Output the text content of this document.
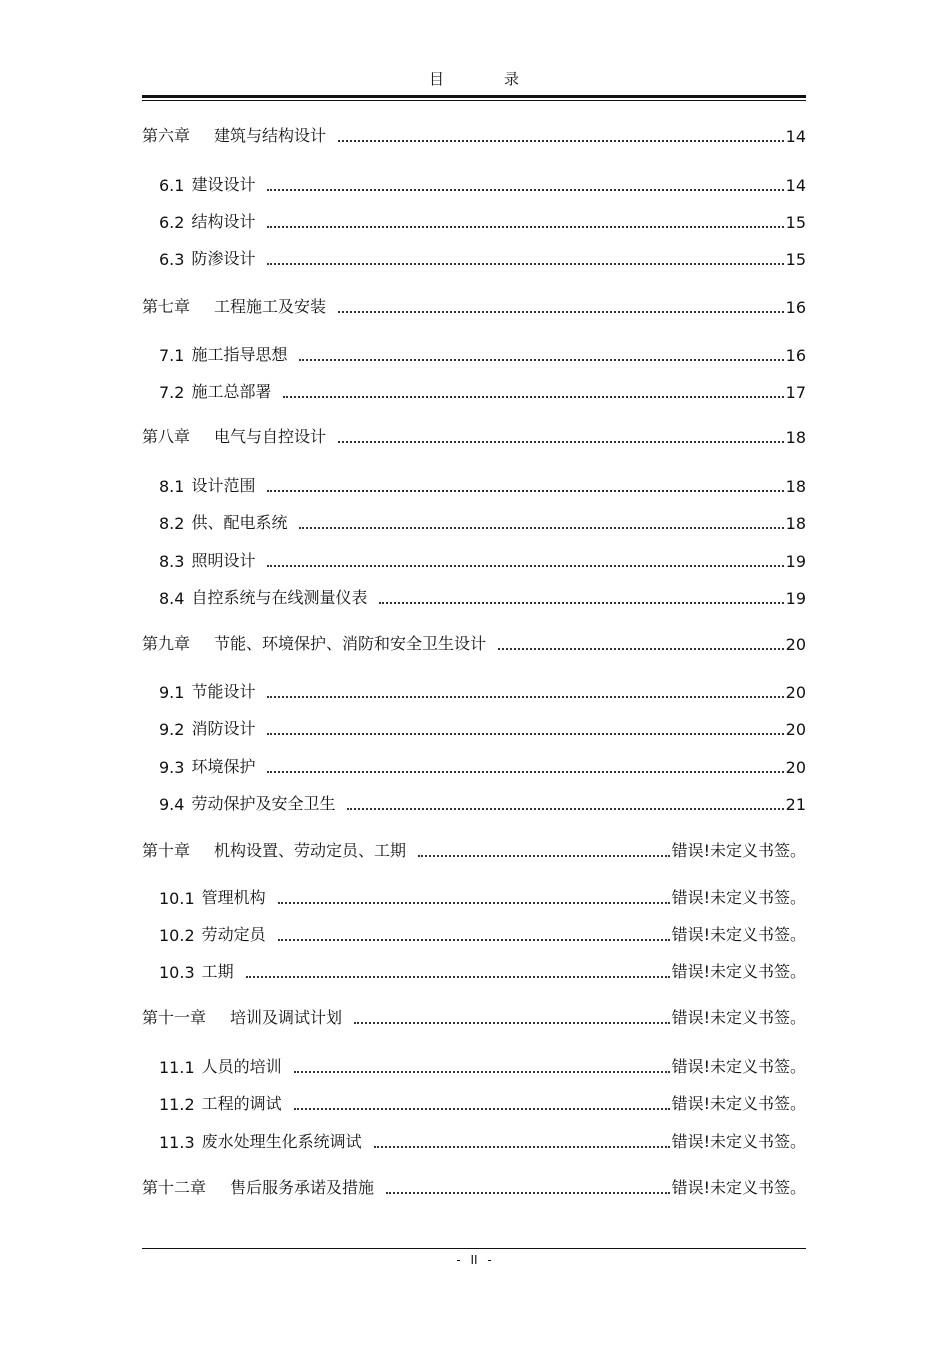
目录
第六章 建筑与结构设计	14
6.1 建设设计	14
6.2 结构设计	15
6.3 防渗设计	15
第七章 工程施工及安装	16
7.1 施工指导思想	16
7.2 施工总部署	17
第八章 电气与自控设计	18
8.1 设计范围	18
8.2 供、配电系统	18
8.3 照明设计	19
8.4 自控系统与在线测量仪表	19
第九章 节能、环境保护、消防和安全卫生设计	20
9.1 节能设计	20
9.2 消防设计	20
9.3 环境保护	20
9.4 劳动保护及安全卫生	21
第十章 机构设置、劳动定员、工期	错误!未定义书签。
10.1 管理机构	错误!未定义书签。
10.2 劳动定员	错误!未定义书签。
10.3 工期	错误!未定义书签。
第十一章 培训及调试计划	错误!未定义书签。
11.1 人员的培训	错误!未定义书签。
11.2 工程的调试	错误!未定义书签。
11.3 废水处理生化系统调试	错误!未定义书签。
第十二章 售后服务承诺及措施	错误!未定义书签。
- II -
